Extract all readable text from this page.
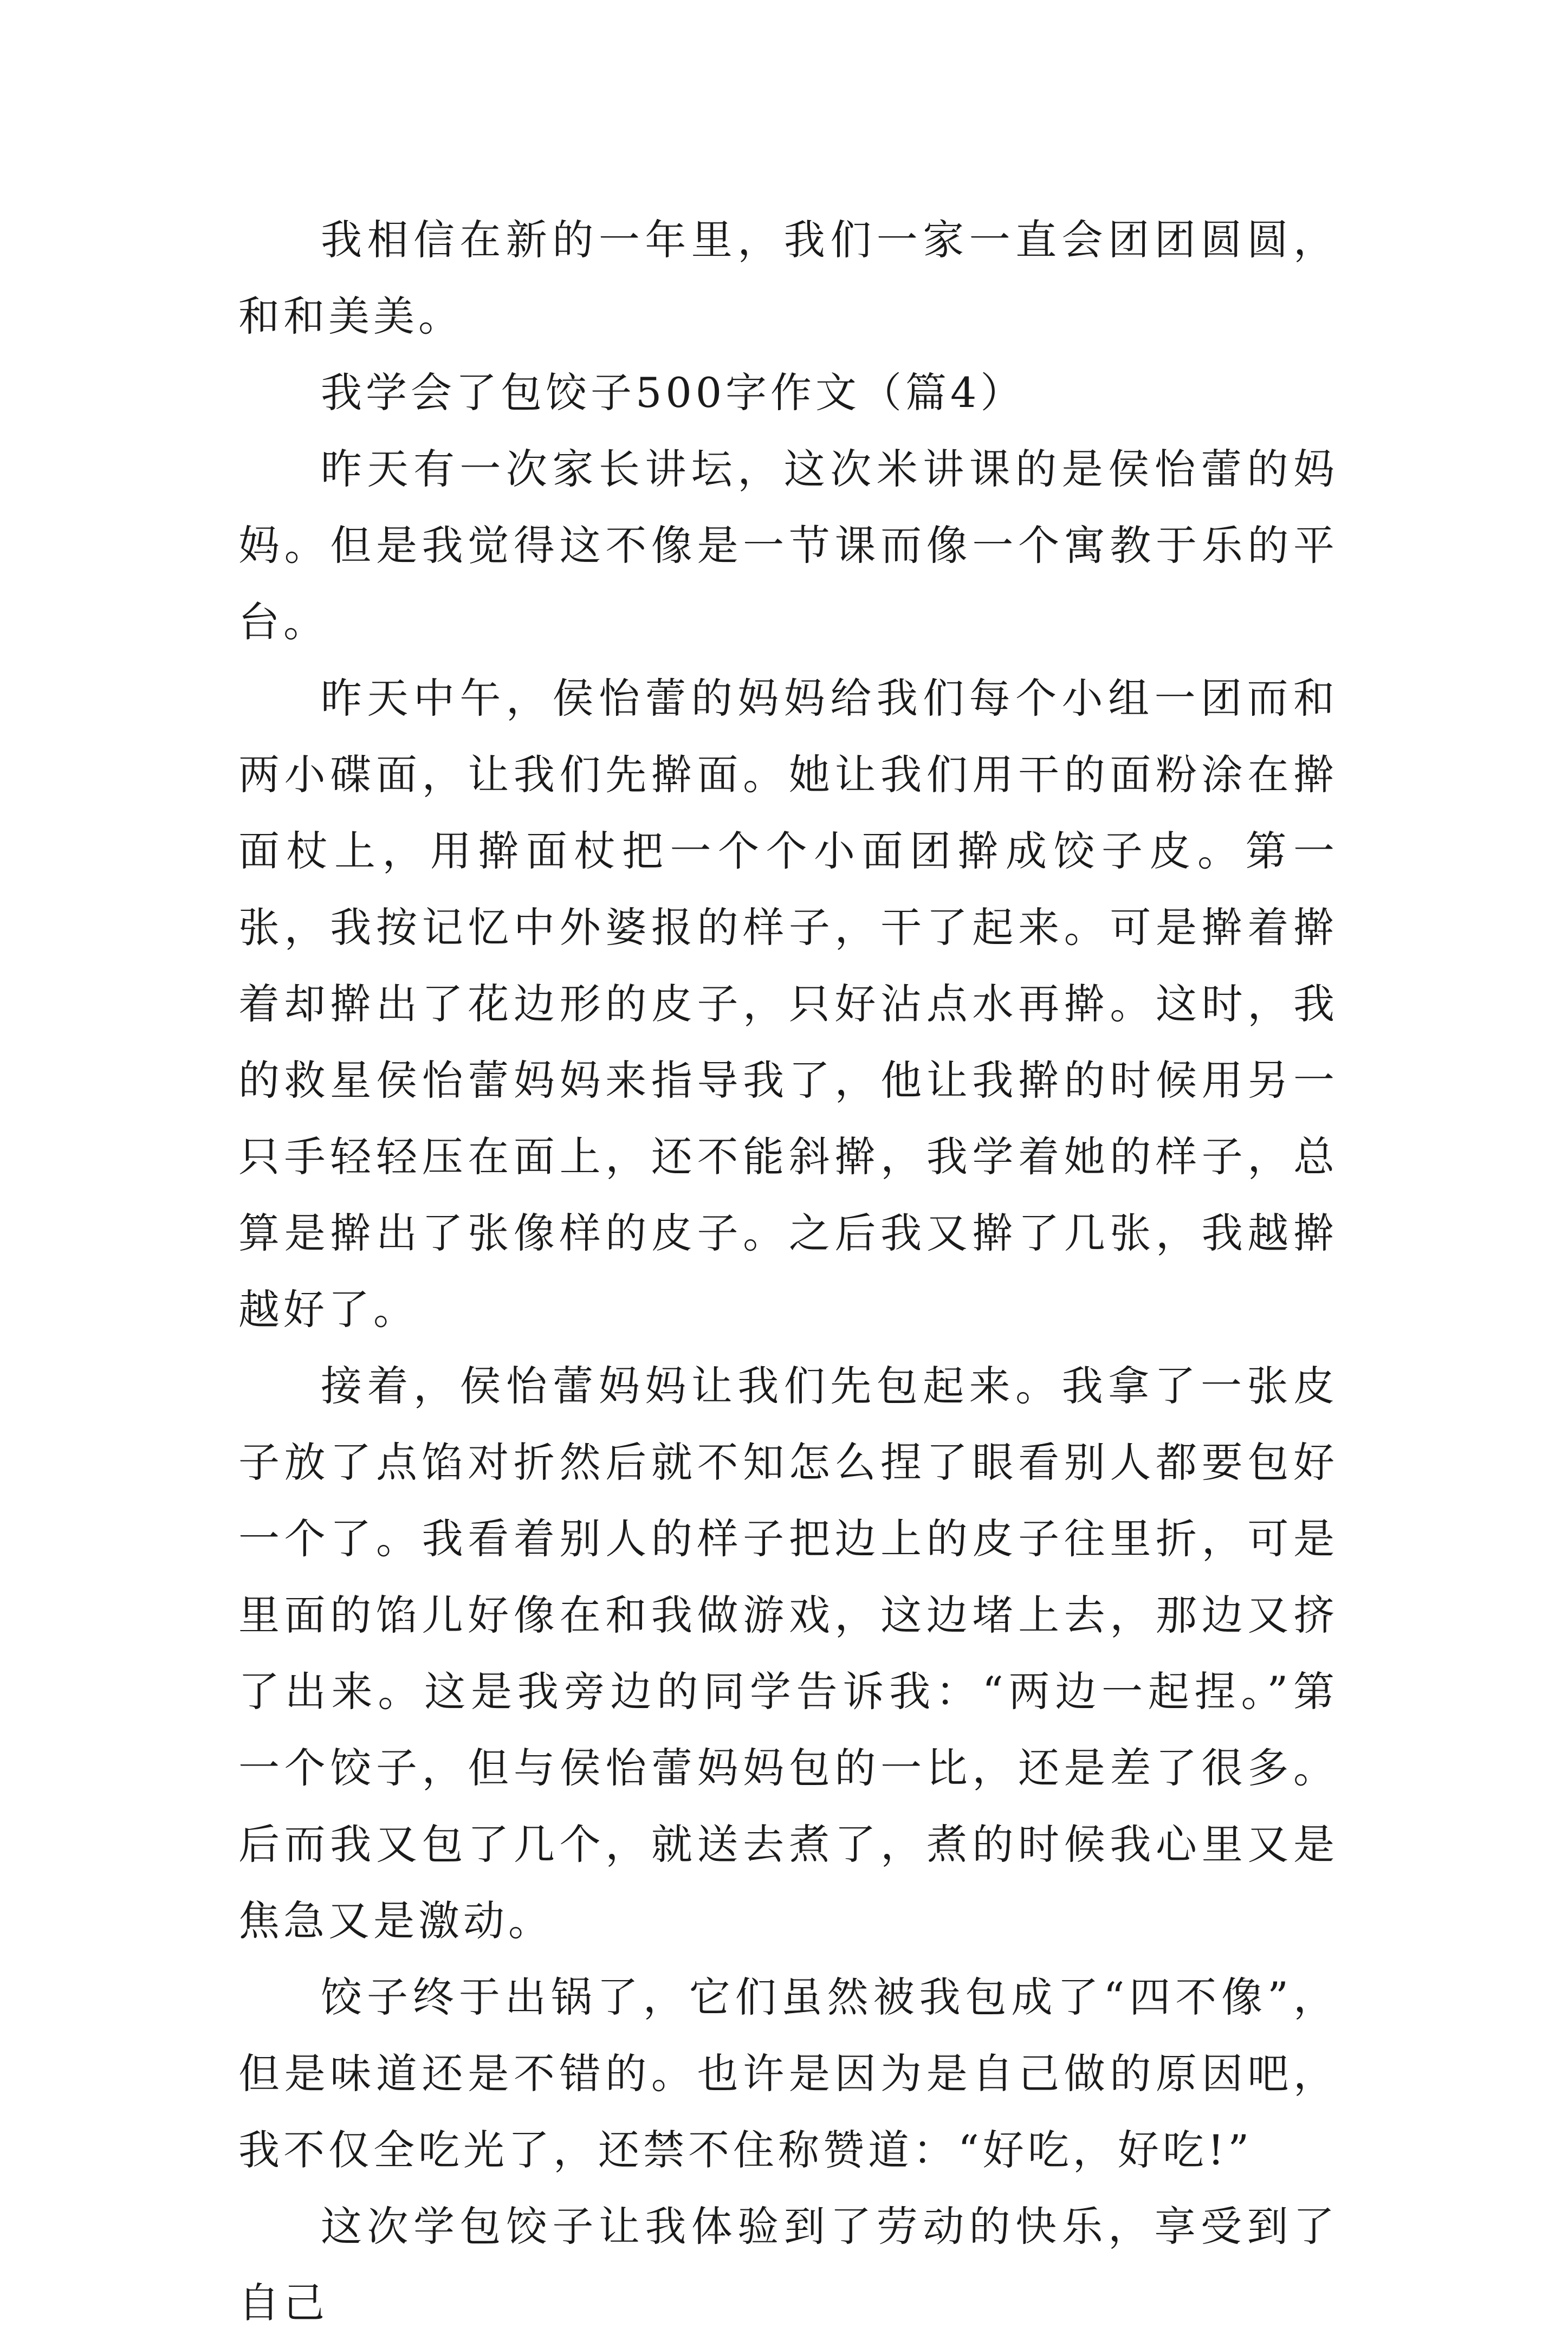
我相信在新的一年里，我们一家一直会团团圆圆，和和美美。

我学会了包饺子500字作文（篇4）

昨天有一次家长讲坛，这次米讲课的是侯怡蕾的妈妈。但是我觉得这不像是一节课而像一个寓教于乐的平台。

昨天中午，侯怡蕾的妈妈给我们每个小组一团而和两小碟面，让我们先擀面。她让我们用干的面粉涂在擀面杖上，用擀面杖把一个个小面团擀成饺子皮。第一张，我按记忆中外婆报的样子，干了起来。可是擀着擀着却擀出了花边形的皮子，只好沾点水再擀。这时，我的救星侯怡蕾妈妈来指导我了，他让我擀的时候用另一只手轻轻压在面上，还不能斜擀，我学着她的样子，总算是擀出了张像样的皮子。之后我又擀了几张，我越擀越好了。

接着，侯怡蕾妈妈让我们先包起来。我拿了一张皮子放了点馅对折然后就不知怎么捏了眼看别人都要包好一个了。我看着别人的样子把边上的皮子往里折，可是里面的馅儿好像在和我做游戏，这边堵上去，那边又挤了出来。这是我旁边的同学告诉我：“两边一起捏。”第一个饺子，但与侯怡蕾妈妈包的一比，还是差了很多。后而我又包了几个，就送去煮了，煮的时候我心里又是焦急又是激动。

饺子终于出锅了，它们虽然被我包成了“四不像”，但是味道还是不错的。也许是因为是自己做的原因吧，我不仅全吃光了，还禁不住称赞道：“好吃，好吃!”

这次学包饺子让我体验到了劳动的快乐，享受到了自己
